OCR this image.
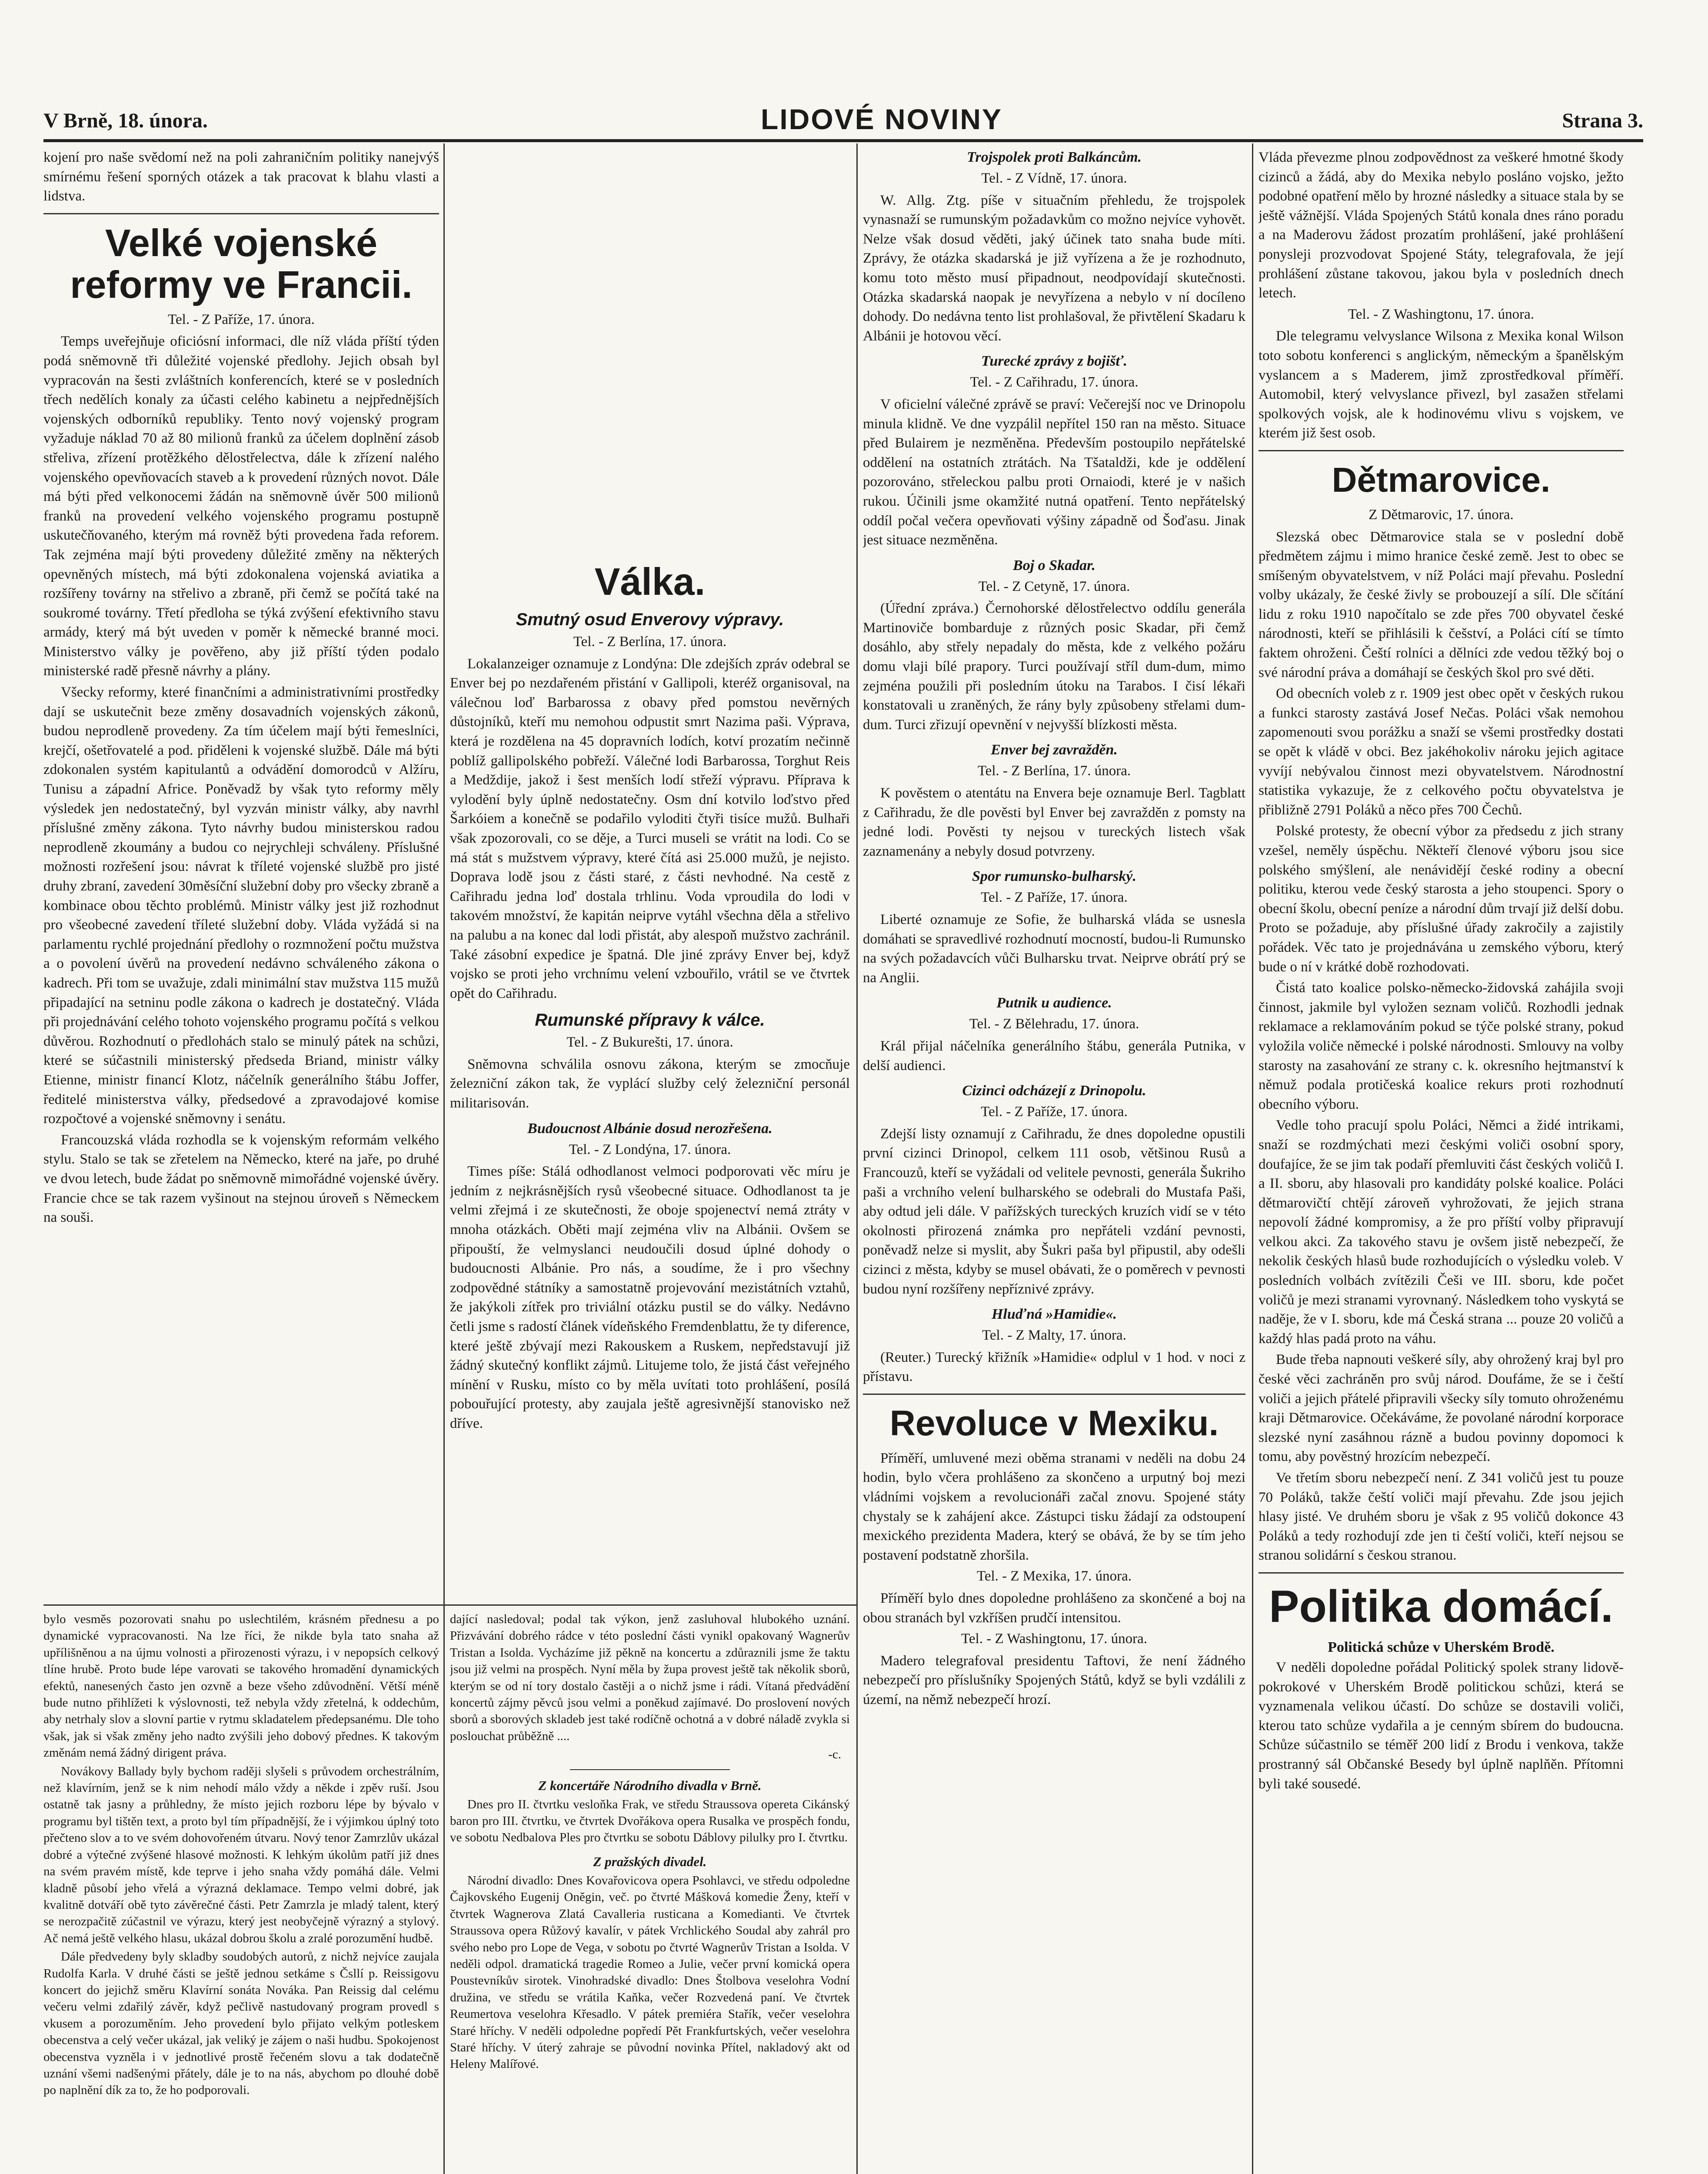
V Brně, 18. února.	LIDOVÉ NOVINY	Strana 3.

kojení pro naše svědomí než na poli zahraničním politiky nanejvýš smírnému řešení sporných otázek a tak pracovat k blahu vlasti a lidstva.

Velké vojenské reformy ve Francii.
Tel. - Z Paříže, 17. února.

Temps uveřejňuje oficiósní informaci, dle níž vláda příští týden podá sněmovně tři důležité vojenské předlohy. Jejich obsah byl vypracován na šesti zvláštních konferencích, které se v posledních třech nedělích konaly za účasti celého kabinetu a nejpřednějších vojenských odborníků republiky. Tento nový vojenský program vyžaduje náklad 70 až 80 milionů franků za účelem doplnění zásob střeliva, zřízení protěžkého dělostřelectva, dále k zřízení nalého vojenského opevňovacích staveb a k provedení různých novot. Dále má býti před velkonocemi žádán na sněmovně úvěr 500 milionů franků na provedení velkého vojenského programu postupně uskutečňovaného, kterým má rovněž býti provedena řada reforem. Tak zejména mají býti provedeny důležité změny na některých opevněných místech, má býti zdokonalena vojenská aviatika a rozšířeny továrny na střelivo a zbraně, při čemž se počítá také na soukromé továrny. Třetí předloha se týká zvýšení efektivního stavu armády, který má být uveden v poměr k německé branné moci. Ministerstvo války je pověřeno, aby již příští týden podalo ministerské radě přesně návrhy a plány.

Všecky reformy, které finančními a administrativními prostředky dají se uskutečnit beze změny dosavadních vojenských zákonů, budou neprodleně provedeny. Za tím účelem mají býti řemeslníci, krejčí, ošetřovatelé a pod. přiděleni k vojenské službě. Dále má býti zdokonalen systém kapitulantů a odvádění domorodců v Alžíru, Tunisu a západní Africe. Poněvadž by však tyto reformy měly výsledek jen nedostatečný, byl vyzván ministr války, aby navrhl příslušné změny zákona. Tyto návrhy budou ministerskou radou neprodleně zkoumány a budou co nejrychleji schváleny. Příslušné možnosti rozřešení jsou: návrat k tříleté vojenské službě pro jisté druhy zbraní, zavedení 30měsíční služební doby pro všecky zbraně a kombinace obou těchto problémů. Ministr války jest již rozhodnut pro všeobecné zavedení tříleté služební doby. Vláda vyžádá si na parlamentu rychlé projednání předlohy o rozmnožení počtu mužstva a o povolení úvěrů na provedení nedávno schváleného zákona o kadrech. Při tom se uvažuje, zdali minimální stav mužstva 115 mužů připadající na setninu podle zákona o kadrech je dostatečný. Vláda při projednávání celého tohoto vojenského programu počítá s velkou důvěrou. Rozhodnutí o předlohách stalo se minulý pátek na schůzi, které se súčastnili ministerský předseda Briand, ministr války Etienne, ministr financí Klotz, náčelník generálního štábu Joffer, ředitelé ministerstva války, předsedové a zpravodajové komise rozpočtové a vojenské sněmovny i senátu.

Francouzská vláda rozhodla se k vojenským reformám velkého stylu. Stalo se tak se zřetelem na Německo, které na jaře, po druhé ve dvou letech, bude žádat po sněmovně mimořádné vojenské úvěry. Francie chce se tak razem vyšinout na stejnou úroveň s Německem na souši.

Válka.
Smutný osud Enverovy výpravy.
Tel. - Z Berlína, 17. února.

Lokalanzeiger oznamuje z Londýna: Dle zdejších zpráv odebral se Enver bej po nezdařeném přistání v Gallipoli, kteréž organisoval, na válečnou loď Barbarossa z obavy před pomstou nevěrných důstojníků, kteří mu nemohou odpustit smrt Nazima paši. Výprava, která je rozdělena na 45 dopravních lodích, kotví prozatím nečinně poblíž gallipolského pobřeží. Válečné lodi Barbarossa, Torghut Reis a Medždije, jakož i šest menších lodí střeží výpravu. Příprava k vylodění byly úplně nedostatečny. Osm dní kotvilo loďstvo před Šarkóiem a konečně se podařilo vyloditi čtyři tisíce mužů. Bulhaři však zpozorovali, co se děje, a Turci museli se vrátit na lodi. Co se má stát s mužstvem výpravy, které čítá asi 25.000 mužů, je nejisto. Doprava lodě jsou z části staré, z části nevhodné. Na cestě z Cařihradu jedna loď dostala trhlinu. Voda vproudila do lodi v takovém množství, že kapitán neiprve vytáhl všechna děla a střelivo na palubu a na konec dal lodi přistát, aby alespoň mužstvo zachránil. Také zásobní expedice je špatná. Dle jiné zprávy Enver bej, když vojsko se proti jeho vrchnímu velení vzbouřilo, vrátil se ve čtvrtek opět do Cařihradu.

Rumunské přípravy k válce.
Tel. - Z Bukurešti, 17. února.

Sněmovna schválila osnovu zákona, kterým se zmocňuje železniční zákon tak, že vyplácí služby celý železniční personál militarisován.

Budoucnost Albánie dosud nerozřešena.
Tel. - Z Londýna, 17. února.

Times píše: Stálá odhodlanost velmoci podporovati věc míru je jedním z nejkrásnějších rysů všeobecné situace. Odhodlanost ta je velmi zřejmá i ze skutečnosti, že oboje spojenectví nemá ztráty v mnoha otázkách. Oběti mají zejména vliv na Albánii. Ovšem se připouští, že velmyslanci neudoučili dosud úplné dohody o budoucnosti Albánie. Pro nás, a soudíme, že i pro všechny zodpovědné státníky a samostatně projevování mezistátních vztahů, že jakýkoli zítřek pro triviální otázku pustil se do války. Nedávno četli jsme s radostí článek vídeňského Fremdenblattu, že ty diference, které ještě zbývají mezi Rakouskem a Ruskem, nepředstavují již žádný skutečný konflikt zájmů. Litujeme tolo, že jistá část veřejného mínění v Rusku, místo co by měla uvítati toto prohlášení, posílá pobouřující protesty, aby zaujala ještě agresivnější stanovisko než dříve.

Trojspolek proti Balkáncům.
Tel. - Z Vídně, 17. února.

W. Allg. Ztg. píše v situačním přehledu, že trojspolek vynasnaží se rumunským požadavkům co možno nejvíce vyhovět. Nelze však dosud věděti, jaký účinek tato snaha bude míti. Zprávy, že otázka skadarská je již vyřízena a že je rozhodnuto, komu toto město musí připadnout, neodpovídají skutečnosti. Otázka skadarská naopak je nevyřízena a nebylo v ní docíleno dohody. Do nedávna tento list prohlašoval, že přivtělení Skadaru k Albánii je hotovou věcí.

Turecké zprávy z bojišť.
Tel. - Z Cařihradu, 17. února.

V oficielní válečné zprávě se praví: Večerejší noc ve Drinopolu minula klidně. Ve dne vyzpálil nepřítel 150 ran na město. Situace před Bulairem je nezměněna. Především postoupilo nepřátelské oddělení na ostatních ztrátách. Na Tšataldži, kde je oddělení pozorováno, střeleckou palbu proti Ornaiodi, které je v našich rukou. Účinili jsme okamžité nutná opatření. Tento nepřátelský oddíl počal večera opevňovati výšiny západně od Šoďasu. Jinak jest situace nezměněna.

Boj o Skadar.
Tel. - Z Cetyně, 17. února.

(Úřední zpráva.) Černohorské dělostřelectvo oddílu generála Martinoviče bombarduje z různých posic Skadar, při čemž dosáhlo, aby střely nepadaly do města, kde z velkého požáru domu vlaji bílé prapory. Turci používají stříl dum-dum, mimo zejména použili při posledním útoku na Tarabos. I čisí lékaři konstatovali u zraněných, že rány byly způsobeny střelami dum-dum. Turci zřizují opevnění v nejvyšší blízkosti města.

Enver bej zavražděn.
Tel. - Z Berlína, 17. února.

K pověstem o atentátu na Envera beje oznamuje Berl. Tagblatt z Cařihradu, že dle pověsti byl Enver bej zavražděn z pomsty na jedné lodi. Pověsti ty nejsou v tureckých listech však zaznamenány a nebyly dosud potvrzeny.

Spor rumunsko-bulharský.
Tel. - Z Paříže, 17. února.

Liberté oznamuje ze Sofie, že bulharská vláda se usnesla domáhati se spravedlivé rozhodnutí mocností, budou-li Rumunsko na svých požadavcích vůči Bulharsku trvat. Neiprve obrátí prý se na Anglii.

Putnik u audience.
Tel. - Z Bělehradu, 17. února.

Král přijal náčelníka generálního štábu, generála Putnika, v delší audienci.

Cizinci odcházejí z Drinopolu.
Tel. - Z Paříže, 17. února.

Zdejší listy oznamují z Cařihradu, že dnes dopoledne opustili první cizinci Drinopol, celkem 111 osob, většinou Rusů a Francouzů, kteří se vyžádali od velitele pevnosti, generála Šukriho paši a vrchního velení bulharského se odebrali do Mustafa Paši, aby odtud jeli dále. V pařížských tureckých kruzích vidí se v této okolnosti přirozená známka pro nepřáteli vzdání pevnosti, poněvadž nelze si myslit, aby Šukri paša byl připustil, aby odešli cizinci z města, kdyby se musel obávati, že o poměrech v pevnosti budou nyní rozšířeny nepříznivé zprávy.

Hluďná »Hamidie«.
Tel. - Z Malty, 17. února.

(Reuter.) Turecký křižník »Hamidie« odplul v 1 hod. v noci z přístavu.

Revoluce v Mexiku.

Příměří, umluvené mezi oběma stranami v neděli na dobu 24 hodin, bylo včera prohlášeno za skončeno a urputný boj mezi vládními vojskem a revolucionáři začal znovu. Spojené státy chystaly se k zahájení akce. Zástupci tisku žádají za odstoupení mexického prezidenta Madera, který se obává, že by se tím jeho postavení podstatně zhoršila.

Tel. - Z Mexika, 17. února.

Příměří bylo dnes dopoledne prohlášeno za skončené a boj na obou stranách byl vzkříšen prudčí intensitou.

Tel. - Z Washingtonu, 17. února.

Madero telegrafoval presidentu Taftovi, že není žádného nebezpečí pro příslušníky Spojených Států, když se byli vzdálili z území, na němž nebezpečí hrozí.

Vláda převezme plnou zodpovědnost za veškeré hmotné škody cizinců a žádá, aby do Mexika nebylo posláno vojsko, ježto podobné opatření mělo by hrozné následky a situace stala by se ještě vážnější. Vláda Spojených Států konala dnes ráno poradu a na Maderovu žádost prozatím prohlášení, jaké prohlášení ponysleji prozvodovat Spojené Státy, telegrafovala, že její prohlášení zůstane takovou, jakou byla v posledních dnech letech.

Tel. - Z Washingtonu, 17. února.

Dle telegramu velvyslance Wilsona z Mexika konal Wilson toto sobotu konferenci s anglickým, německým a španělským vyslancem a s Maderem, jimž zprostředkoval příměří. Automobil, který velvyslance přivezl, byl zasažen střelami spolkových vojsk, ale k hodinovému vlivu s vojskem, ve kterém již šest osob.

Dětmarovice.
Z Dětmarovic, 17. února.

Slezská obec Dětmarovice stala se v poslední době předmětem zájmu i mimo hranice české země. Jest to obec se smíšeným obyvatelstvem, v níž Poláci mají převahu. Poslední volby ukázaly, že české živly se probouzejí a sílí. Dle sčítání lidu z roku 1910 napočítalo se zde přes 700 obyvatel české národnosti, kteří se přihlásili k češství, a Poláci cítí se tímto faktem ohroženi. Čeští rolníci a dělníci zde vedou těžký boj o své národní práva a domáhají se českých škol pro své děti.

Od obecních voleb z r. 1909 jest obec opět v českých rukou a funkci starosty zastává Josef Nečas. Poláci však nemohou zapomenouti svou porážku a snaží se všemi prostředky dostati se opět k vládě v obci. Bez jakéhokoliv nároku jejich agitace vyvíjí nebývalou činnost mezi obyvatelstvem. Národnostní statistika vykazuje, že z celkového počtu obyvatelstva je přibližně 2791 Poláků a něco přes 700 Čechů.

Polské protesty, že obecní výbor za předsedu z jich strany vzešel, neměly úspěchu. Někteří členové výboru jsou sice polského smýšlení, ale nenávidějí české rodiny a obecní politiku, kterou vede český starosta a jeho stoupenci. Spory o obecní školu, obecní peníze a národní dům trvají již delší dobu. Proto se požaduje, aby příslušné úřady zakročily a zajistily pořádek. Věc tato je projednávána u zemského výboru, který bude o ní v krátké době rozhodovati.

Čistá tato koalice polsko-německo-židovská zahájila svoji činnost, jakmile byl vyložen seznam voličů. Rozhodli jednak reklamace a reklamováním pokud se týče polské strany, pokud vyložila voliče německé i polské národnosti. Smlouvy na volby starosty na zasahování ze strany c. k. okresního hejtmanství k němuž podala protičeská koalice rekurs proti rozhodnutí obecního výboru.

Vedle toho pracují spolu Poláci, Němci a židé intrikami, snaží se rozdmýchati mezi českými voliči osobní spory, doufajíce, že se jim tak podaří přemluviti část českých voličů I. a II. sboru, aby hlasovali pro kandidáty polské koalice. Poláci dětmarovičtí chtějí zároveň vyhrožovati, že jejich strana nepovolí žádné kompromisy, a že pro příští volby připravují velkou akci. Za takového stavu je ovšem jistě nebezpečí, že nekolik českých hlasů bude rozhodujících o výsledku voleb. V posledních volbách zvítězili Češi ve III. sboru, kde počet voličů je mezi stranami vyrovnaný. Následkem toho vyskytá se naděje, že v I. sboru, kde má Česká strana ... pouze 20 voličů a každý hlas padá proto na váhu.

Bude třeba napnouti veškeré síly, aby ohrožený kraj byl pro české věci zachráněn pro svůj národ. Doufáme, že se i čeští voliči a jejich přátelé připravili všecky síly tomuto ohroženému kraji Dětmarovice. Očekáváme, že povolané národní korporace slezské nyní zasáhnou rázně a budou povinny dopomoci k tomu, aby pověstný hrozícím nebezpečí.

Ve třetím sboru nebezpečí není. Z 341 voličů jest tu pouze 70 Poláků, takže čeští voliči mají převahu. Zde jsou jejich hlasy jisté. Ve druhém sboru je však z 95 voličů dokonce 43 Poláků a tedy rozhodují zde jen ti čeští voliči, kteří nejsou se stranou solidární s českou stranou.

Politika domácí.
Politická schůze v Uherském Brodě.

V neděli dopoledne pořádal Politický spolek strany lidově-pokrokové v Uherském Brodě politickou schůzi, která se vyznamenala velikou účastí. Do schůze se dostavili voliči, kterou tato schůze vydařila a je cenným sbírem do budoucna. Schůze súčastnilo se téměř 200 lidí z Brodu i venkova, takže prostranný sál Občanské Besedy byl úplně napln̆ěn. Přítomni byli také sousedé.

bylo vesměs pozorovati snahu po uslechtilém, krásném přednesu a po dynamické vypracovanosti. Na lze říci, že nikde byla tato snaha až upřílišněnou a na újmu volnosti a přirozenosti výrazu, i v nepopsích celkový tlíne hrubě. Proto bude lépe varovati se takového hromadění dynamických efektů, nanesených často jen ozvně a beze všeho zdůvodnění. Větší méně bude nutno přihlížeti k výslovnosti, tež nebyla vždy zřetelná, k oddechům, aby netrhaly slov a slovní partie v rytmu skladatelem předepsanému. Dle toho však, jak si však změny jeho nadto zvýšili jeho dobový přednes. K takovým změnám nemá žádný dirigent práva.

Novákovy Ballady byly bychom raději slyšeli s průvodem orchestrálním, než klavírním, jenž se k nim nehodí málo vždy a někde i zpěv ruší. Jsou ostatně tak jasny a průhledny, že místo jejich rozboru lépe by bývalo v programu byl tištěn text, a proto byl tím případnější, že i výjimkou úplný toto přečteno slov a to ve svém dohovořeném útvaru. Nový tenor Zamrzlův ukázal dobré a výtečné zvýšené hlasové možnosti. K lehkým úkolům patří již dnes na svém pravém místě, kde teprve i jeho snaha vždy pomáhá dále. Velmi kladně působí jeho vřelá a výrazná deklamace. Tempo velmi dobré, jak kvalitně dotváří obě tyto závěrečné části. Petr Zamrzla je mladý talent, který se nerozpačitě zúčastnil ve výrazu, který jest neobyčejně výrazný a stylový. Ač nemá ještě velkého hlasu, ukázal dobrou školu a zralé porozumění hudbě.

Dále předvedeny byly skladby soudobých autorů, z nichž nejvíce zaujala Rudolfa Karla. V druhé části se ještě jednou setkáme s Čsllí p. Reissigovu koncert do jejichž směru Klavírní sonáta Nováka. Pan Reissig dal celému večeru velmi zdařilý závěr, když pečlivě nastudovaný program provedl s vkusem a porozuměním. Jeho provedení bylo přijato velkým potleskem obecenstva a celý večer ukázal, jak veliký je zájem o naši hudbu. Spokojenost obecenstva vyzněla i v jednotlivé prostě řečeném slovu a tak dodatečně uznání všemi nadšenými přátely, dále je to na nás, abychom po dlouhé době po naplnění dík za to, že ho podporovali.

dající nasledoval; podal tak výkon, jenž zasluhoval hlubokého uznání. Přizvávání dobrého rádce v této poslední části vynikl opakovaný Wagnerův Tristan a Isolda. Vycházíme již pěkně na koncertu a zdůraznili jsme že taktu jsou již velmi na prospěch. Nyní měla by župa provest ještě tak několik sborů, kterým se od ní tory dostalo častěji a o nichž jsme i rádi. Vítaná předvádění koncertů zájmy pěvců jsou velmi a poněkud zajímavé. Do proslovení nových sborů a sborových skladeb jest také rodíčně ochotná a v dobré náladě zvykla si poslouchat průběžně ....

-c.
Z koncertáře Národního divadla v Brně.

Dnes pro II. čtvrtku vesloňka Frak, ve středu Straussova opereta Cikánský baron pro III. čtvrtku, ve čtvrtek Dvořákova opera Rusalka ve prospěch fondu, ve sobotu Nedbalova Ples pro čtvrtku se sobotu Dáblovy pilulky pro I. čtvrtku.

Z pražských divadel.

Národní divadlo: Dnes Kovařovicova opera Psohlavci, ve středu odpoledne Čajkovského Eugenij Oněgin, več. po čtvrté Mášková komedie Ženy, kteří v čtvrtek Wagnerova Zlatá Cavalleria rusticana a Komedianti. Ve čtvrtek Straussova opera Růžový kavalír, v pátek Vrchlického Soudal aby zahrál pro svého nebo pro Lope de Vega, v sobotu po čtvrté Wagnerův Tristan a Isolda. V neděli odpol. dramatická tragedie Romeo a Julie, večer první komická opera Poustevníkův sirotek. Vinohradské divadlo: Dnes Štolbova veselohra Vodní družina, ve středu se vrátila Kaňka, večer Rozvedená paní. Ve čtvrtek Reumertova veselohra Křesadlo. V pátek premiéra Stařík, večer veselohra Staré hříchy. V neděli odpoledne popředí Pět Frankfurtských, večer veselohra Staré hříchy. V úterý zahraje se původní novinka Přítel, nakladový akt od Heleny Malířové.
